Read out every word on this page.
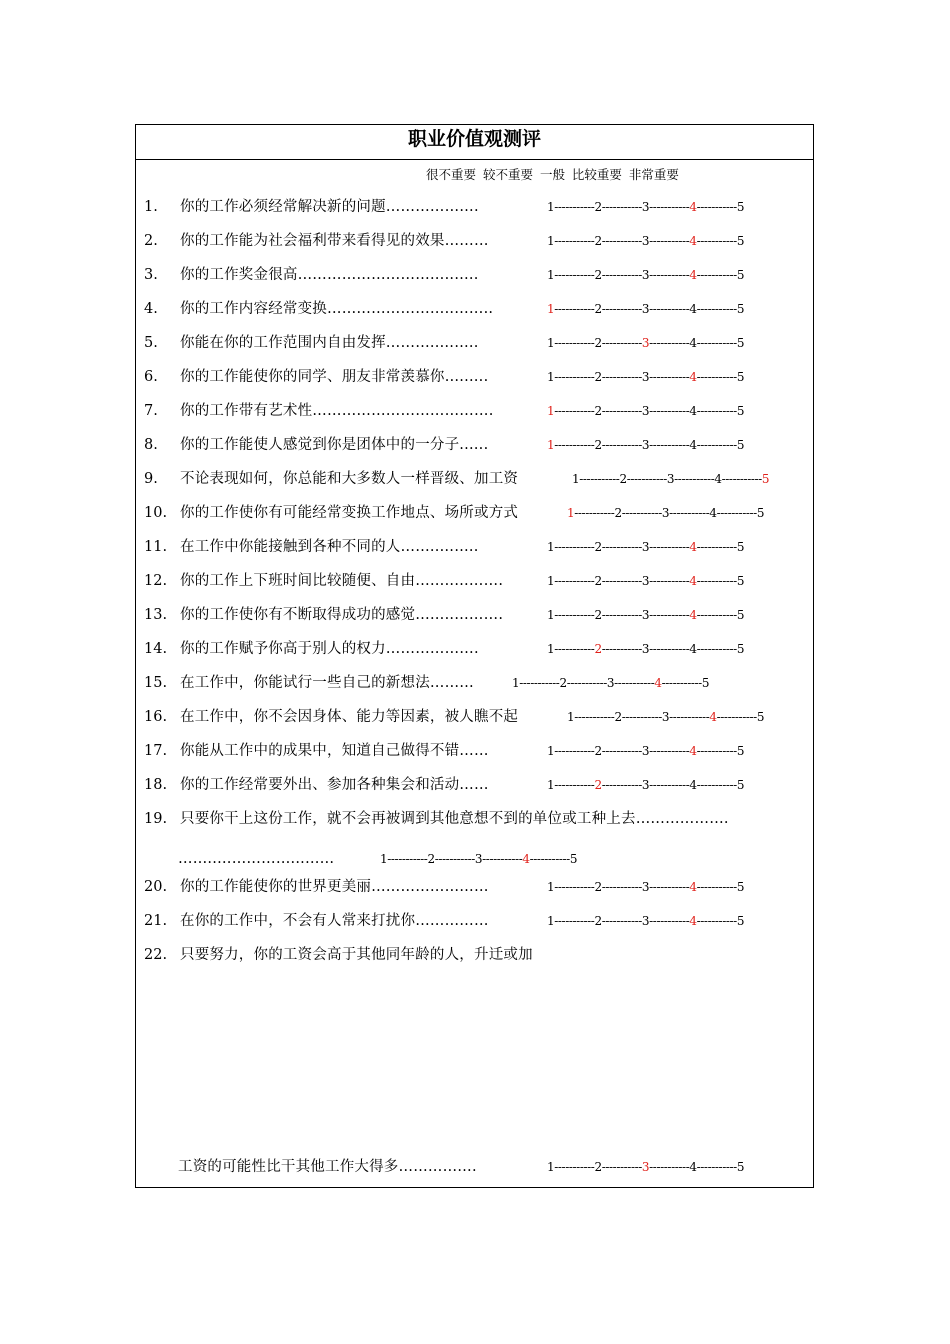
职业价值观测评
很不重要 较不重要 一般 比较重要 非常重要
1. 你的工作必须经常解决新的问题……………….	1-----------2-----------3-----------4-----------5
2. 你的工作能为社会福利带来看得见的效果………	1-----------2-----------3-----------4-----------5
3. 你的工作奖金很高…………………………..…..	1-----------2-----------3-----------4-----------5
4. 你的工作内容经常变换……………………..……..	1-----------2-----------3-----------4-----------5
5. 你能在你的工作范围内自由发挥………..……..	1-----------2-----------3-----------4-----------5
6. 你的工作能使你的同学、朋友非常羡慕你…..….	1-----------2-----------3-----------4-----------5
7. 你的工作带有艺术性……………………………….	1-----------2-----------3-----------4-----------5
8. 你的工作能使人感觉到你是团体中的一分子..….	1-----------2-----------3-----------4-----------5
9. 不论表现如何，你总能和大多数人一样晋级、加工资	1-----------2-----------3-----------4-----------5
10. 你的工作使你有可能经常变换工作地点、场所或方式	1-----------2-----------3-----------4-----------5
11. 在工作中你能接触到各种不同的人……..……..	1-----------2-----------3-----------4-----------5
12. 你的工作上下班时间比较随便、自由……..……….	1-----------2-----------3-----------4-----------5
13. 你的工作使你有不断取得成功的感觉……..……….	1-----------2-----------3-----------4-----------5
14. 你的工作赋予你高于别人的权力……………….	1-----------2-----------3-----------4-----------5
15. 在工作中，你能试行一些自己的新想法………	1-----------2-----------3-----------4-----------5
16. 在工作中，你不会因身体、能力等因素，被人瞧不起	1-----------2-----------3-----------4-----------5
17. 你能从工作中的成果中，知道自己做得不错……	1-----------2-----------3-----------4-----------5
18. 你的工作经常要外出、参加各种集会和活动……	1-----------2-----------3-----------4-----------5
19. 只要你干上这份工作，就不会再被调到其他意想不到的单位或工种上去……………….
……..……………...……	1-----------2-----------3-----------4-----------5
20. 你的工作能使你的世界更美丽……………………	1-----------2-----------3-----------4-----------5
21. 在你的工作中，不会有人常来打扰你……………	1-----------2-----------3-----------4-----------5
22. 只要努力，你的工资会高于其他同年龄的人，升迁或加
工资的可能性比干其他工作大得多…………….	1-----------2-----------3-----------4-----------5
